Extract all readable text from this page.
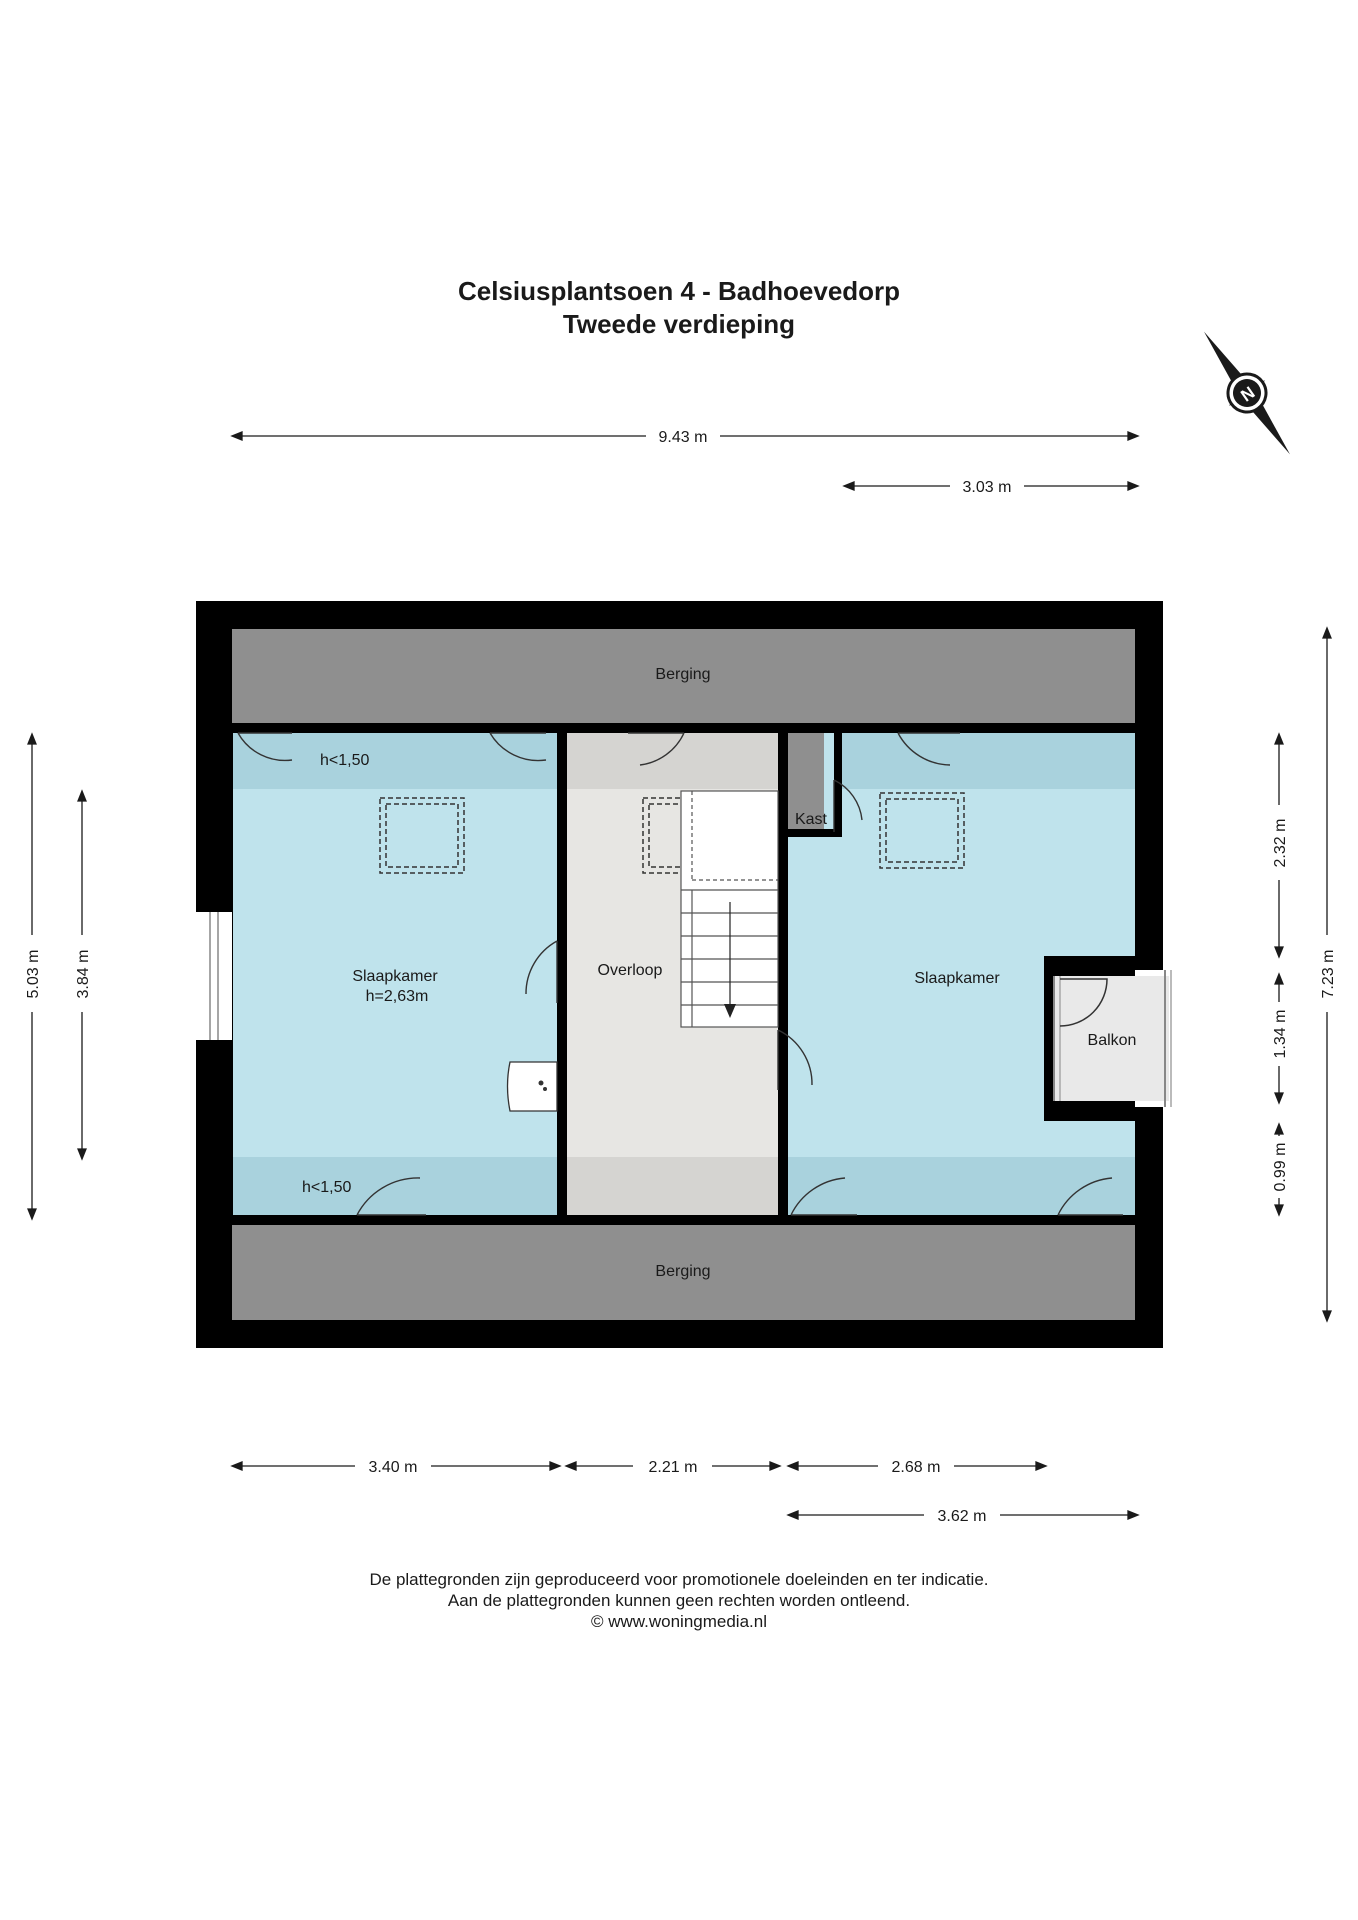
Celsiusplantsoen 4 - Badhoevedorp
Tweede verdieping
N
Berging
Berging
Slaapkamer
h=2,63m
Overloop
Kast
Slaapkamer
Balkon
h<1,50
h<1,50
9.43 m
3.03 m
3.40 m	2.21 m	2.68 m
3.62 m
5.03 m 3.84 m
2.32 m
1.34 m
0.99 m
7.23 m
De plattegronden zijn geproduceerd voor promotionele doeleinden en ter indicatie.
Aan de plattegronden kunnen geen rechten worden ontleend.
© www.woningmedia.nl
